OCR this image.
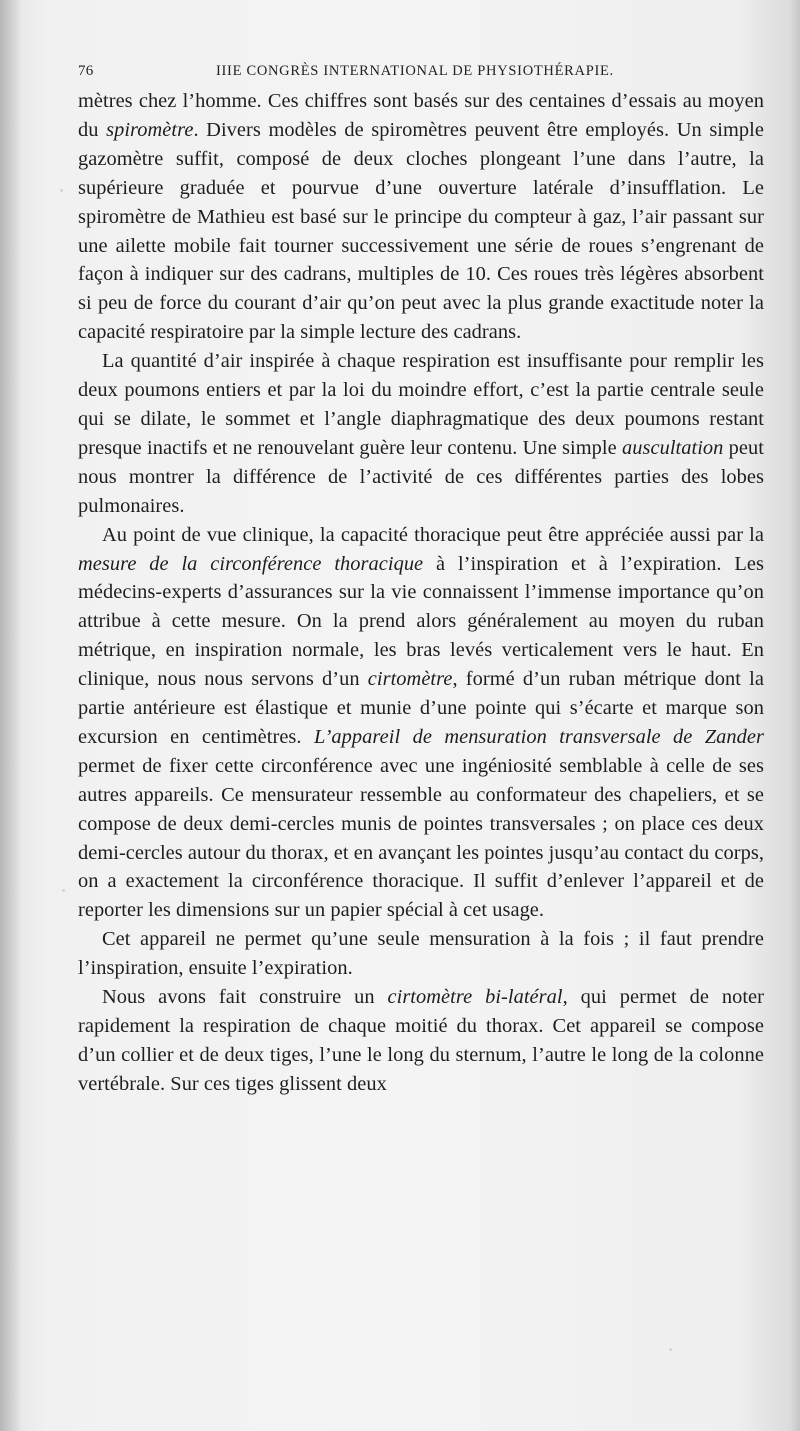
76	IIIE CONGRÈS INTERNATIONAL DE PHYSIOTHÉRAPIE.

mètres chez l’homme. Ces chiffres sont basés sur des centaines d’essais au moyen du spiromètre. Divers modèles de spiromètres peuvent être employés. Un simple gazomètre suffit, composé de deux cloches plongeant l’une dans l’autre, la supérieure graduée et pourvue d’une ouverture latérale d’insufflation. Le spiromètre de Mathieu est basé sur le principe du compteur à gaz, l’air passant sur une ailette mobile fait tourner successivement une série de roues s’engrenant de façon à indiquer sur des cadrans, multiples de 10. Ces roues très légères absorbent si peu de force du courant d’air qu’on peut avec la plus grande exactitude noter la capacité respiratoire par la simple lecture des cadrans.

La quantité d’air inspirée à chaque respiration est insuffisante pour remplir les deux poumons entiers et par la loi du moindre effort, c’est la partie centrale seule qui se dilate, le sommet et l’angle diaphragmatique des deux poumons restant presque inactifs et ne renouvelant guère leur contenu. Une simple auscultation peut nous montrer la différence de l’activité de ces différentes parties des lobes pulmonaires.

Au point de vue clinique, la capacité thoracique peut être appréciée aussi par la mesure de la circonférence thoracique à l’inspiration et à l’expiration. Les médecins-experts d’assurances sur la vie connaissent l’immense importance qu’on attribue à cette mesure. On la prend alors généralement au moyen du ruban métrique, en inspiration normale, les bras levés verticalement vers le haut. En clinique, nous nous servons d’un cirtomètre, formé d’un ruban métrique dont la partie antérieure est élastique et munie d’une pointe qui s’écarte et marque son excursion en centimètres. L’appareil de mensuration transversale de Zander permet de fixer cette circonférence avec une ingéniosité semblable à celle de ses autres appareils. Ce mensurateur ressemble au conformateur des chapeliers, et se compose de deux demi-cercles munis de pointes transversales ; on place ces deux demi-cercles autour du thorax, et en avançant les pointes jusqu’au contact du corps, on a exactement la circonférence thoracique. Il suffit d’enlever l’appareil et de reporter les dimensions sur un papier spécial à cet usage.

Cet appareil ne permet qu’une seule mensuration à la fois ; il faut prendre l’inspiration, ensuite l’expiration.

Nous avons fait construire un cirtomètre bi-latéral, qui permet de noter rapidement la respiration de chaque moitié du thorax. Cet appareil se compose d’un collier et de deux tiges, l’une le long du sternum, l’autre le long de la colonne vertébrale. Sur ces tiges glissent deux
